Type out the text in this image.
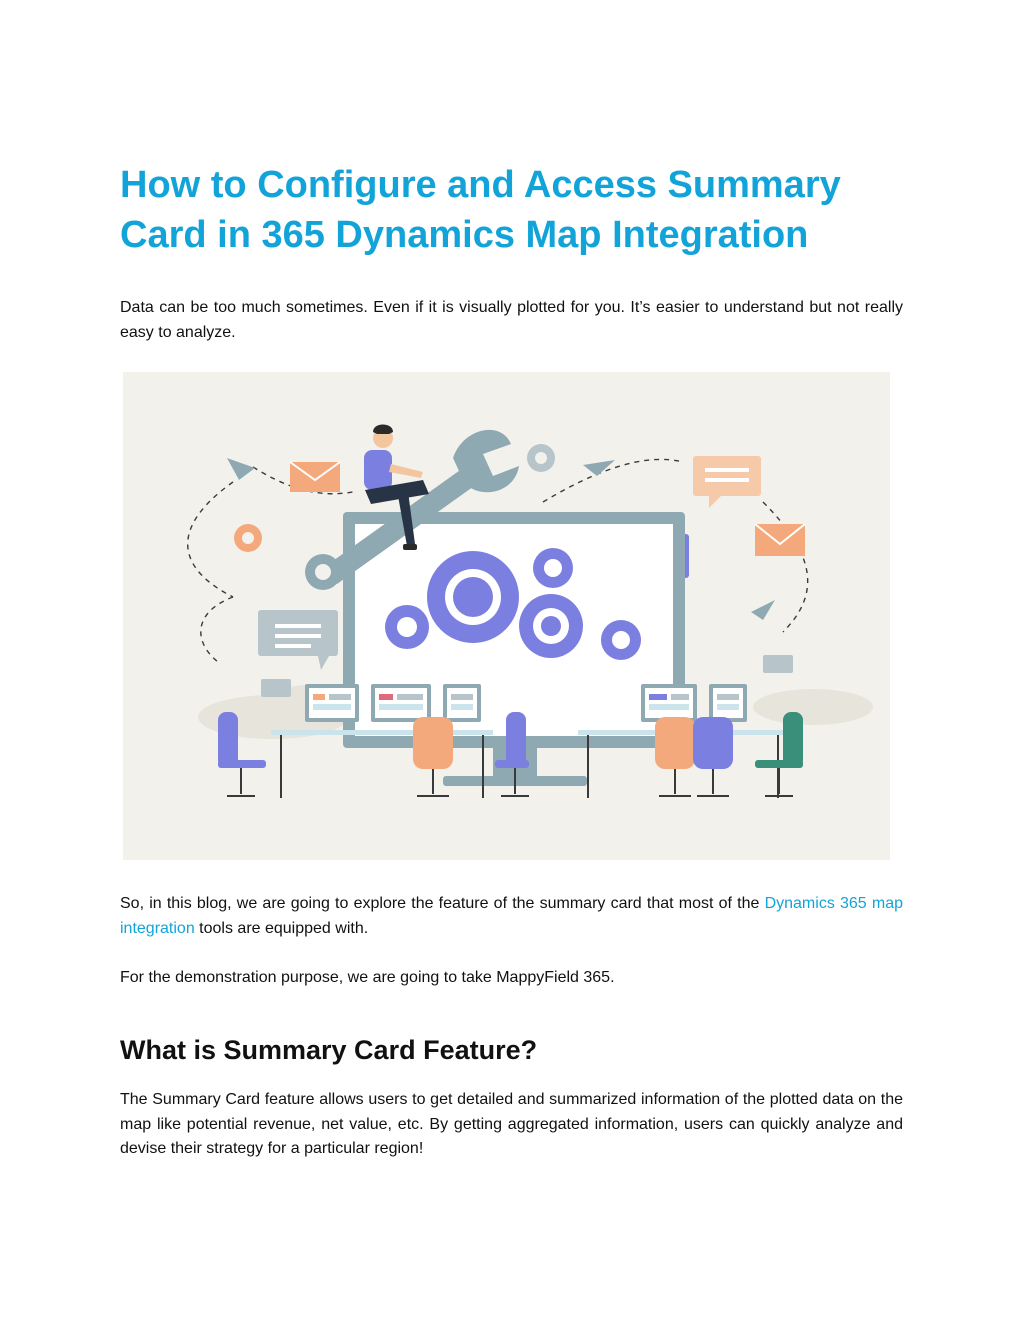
How to Configure and Access Summary Card in 365 Dynamics Map Integration

Data can be too much sometimes. Even if it is visually plotted for you. It’s easier to understand but not really easy to analyze.

So, in this blog, we are going to explore the feature of the summary card that most of the Dynamics 365 map integration tools are equipped with.

For the demonstration purpose, we are going to take MappyField 365.

What is Summary Card Feature?

The Summary Card feature allows users to get detailed and summarized information of the plotted data on the map like potential revenue, net value, etc. By getting aggregated information, users can quickly analyze and devise their strategy for a particular region!
